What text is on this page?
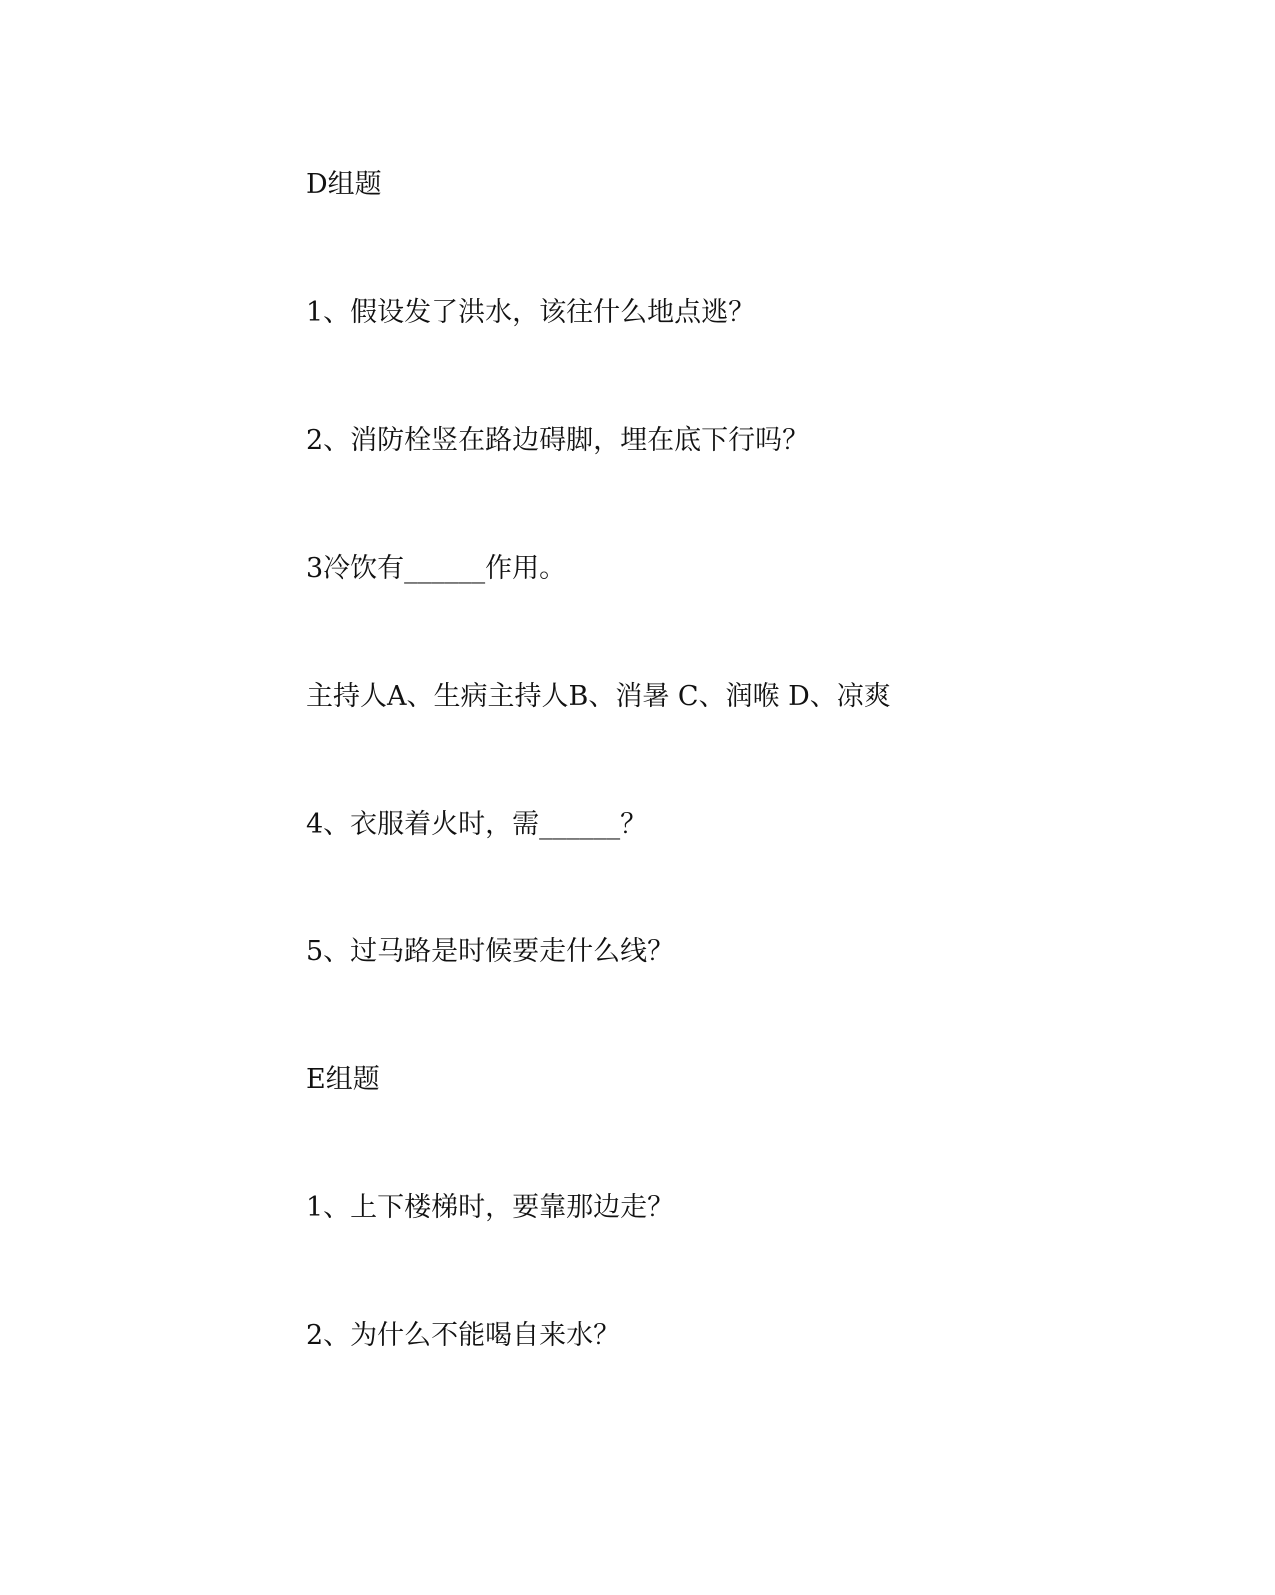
D组题

1、假设发了洪水，该往什么地点逃？

2、消防栓竖在路边碍脚，埋在底下行吗？

3冷饮有______作用。

主持人A、生病主持人B、消暑 C、润喉 D、凉爽

4、衣服着火时，需______？

5、过马路是时候要走什么线？

E组题

1、上下楼梯时，要靠那边走？

2、为什么不能喝自来水？
